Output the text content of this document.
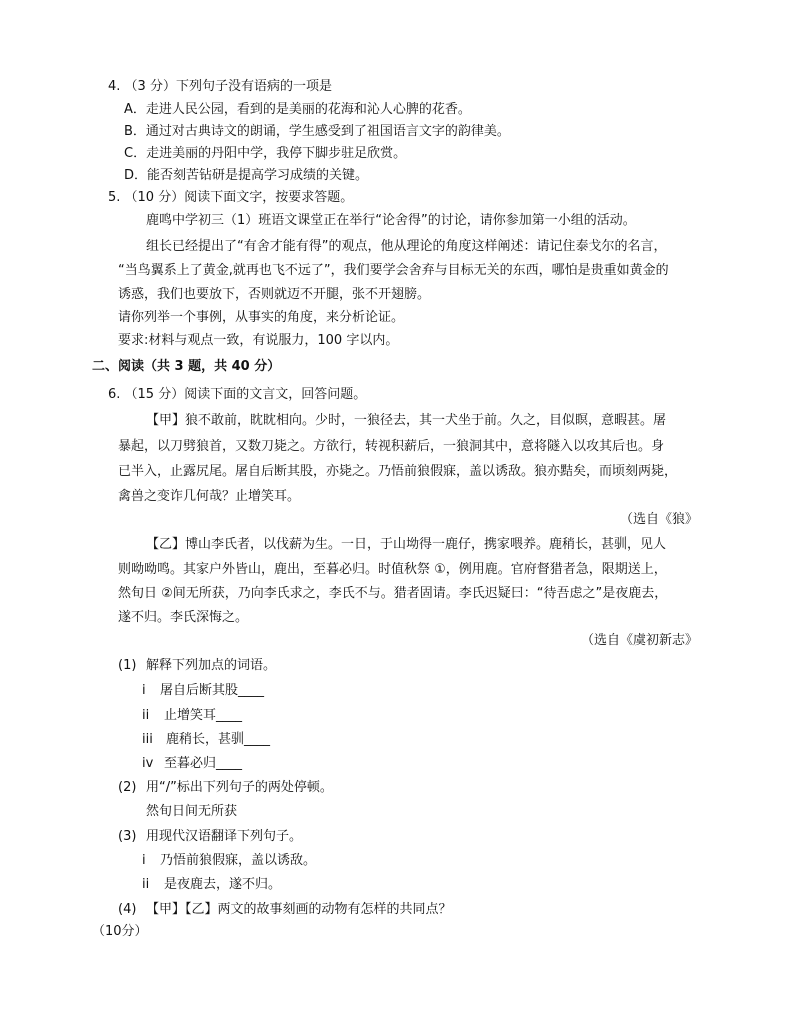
4. （3 分）下列句子没有语病的一项是
A．走进人民公园，看到的是美丽的花海和沁人心脾的花香。
B．通过对古典诗文的朗诵，学生感受到了祖国语言文字的韵律美。
C．走进美丽的丹阳中学，我停下脚步驻足欣赏。
D．能否刻苦钻研是提高学习成绩的关键。
5. （10 分）阅读下面文字，按要求答题。
鹿鸣中学初三（1）班语文课堂正在举行“论舍得”的讨论，请你参加第一小组的活动。
组长已经提出了“有舍才能有得”的观点，他从理论的角度这样阐述：请记住泰戈尔的名言，
“当鸟翼系上了黄金,就再也飞不远了”，我们要学会舍弃与目标无关的东西，哪怕是贵重如黄金的
诱惑，我们也要放下，否则就迈不开腿，张不开翅膀。
请你列举一个事例，从事实的角度，来分析论证。
要求:材料与观点一致，有说服力，100 字以内。
二、阅读（共 3 题，共 40 分）
6. （15 分）阅读下面的文言文，回答问题。
【甲】狼不敢前，眈眈相向。少时，一狼径去，其一犬坐于前。久之，目似瞑，意暇甚。屠
暴起，以刀劈狼首，又数刀毙之。方欲行，转视积薪后，一狼洞其中，意将隧入以攻其后也。身
已半入，止露尻尾。屠自后断其股，亦毙之。乃悟前狼假寐，盖以诱敌。狼亦黠矣，而顷刻两毙，
禽兽之变诈几何哉？止增笑耳。
（选自《狼》
【乙】博山李氏者，以伐薪为生。一日，于山坳得一鹿仔，携家喂养。鹿稍长，甚驯，见人
则呦呦鸣。其家户外皆山，鹿出，至暮必归。时值秋祭 ①，例用鹿。官府督猎者急，限期送上，
然旬日 ②间无所获，乃向李氏求之，李氏不与。猎者固请。李氏迟疑曰：“待吾虑之”是夜鹿去，
遂不归。李氏深悔之。
（选自《虞初新志》
(1) 解释下列加点的词语。
i 屠自后断其股____
ii 止增笑耳____
iii 鹿稍长，甚驯____
iv 至暮必归____
(2) 用“/”标出下列句子的两处停顿。
然旬日间无所获
(3) 用现代汉语翻译下列句子。
i 乃悟前狼假寐，盖以诱敌。
ii 是夜鹿去，遂不归。
(4) 【甲】【乙】两文的故事刻画的动物有怎样的共同点？
（10分）
